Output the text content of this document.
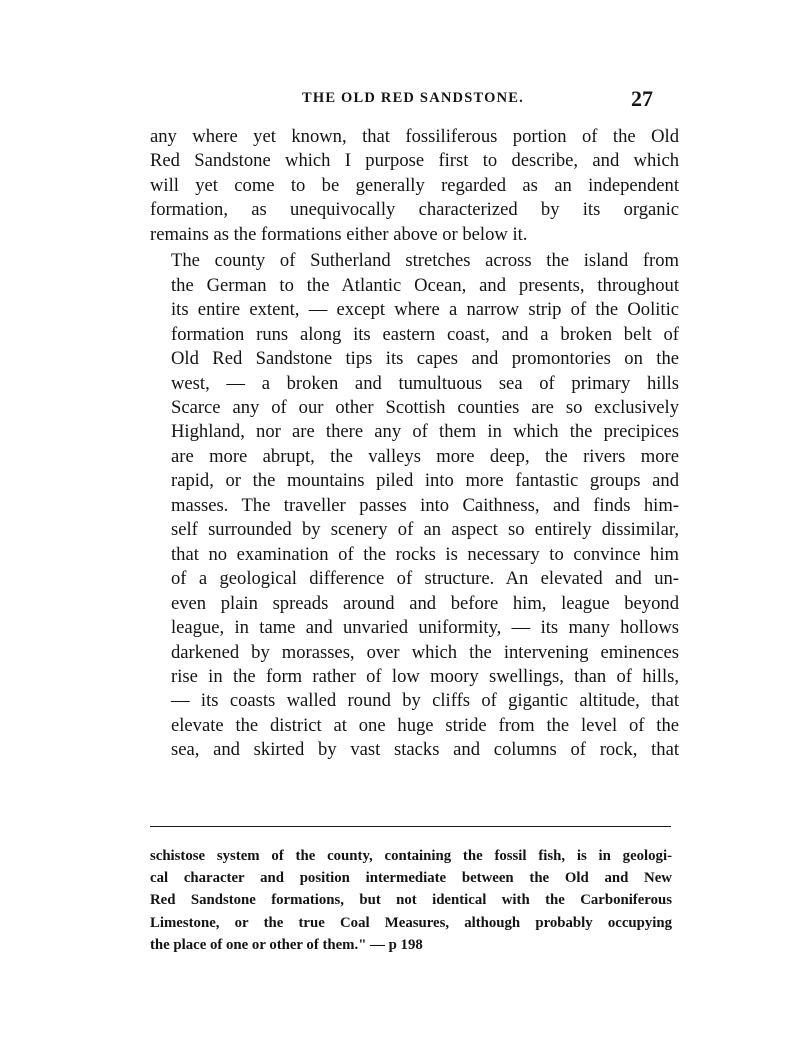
THE OLD RED SANDSTONE.	27

any where yet known, that fossiliferous portion of the Old
Red Sandstone which I purpose first to describe, and which
will yet come to be generally regarded as an independent
formation, as unequivocally characterized by its organic
remains as the formations either above or below it.

The county of Sutherland stretches across the island from
the German to the Atlantic Ocean, and presents, throughout
its entire extent, — except where a narrow strip of the Oolitic
formation runs along its eastern coast, and a broken belt of
Old Red Sandstone tips its capes and promontories on the
west, — a broken and tumultuous sea of primary hills
Scarce any of our other Scottish counties are so exclusively
Highland, nor are there any of them in which the precipices
are more abrupt, the valleys more deep, the rivers more
rapid, or the mountains piled into more fantastic groups and
masses. The traveller passes into Caithness, and finds him-
self surrounded by scenery of an aspect so entirely dissimilar,
that no examination of the rocks is necessary to convince him
of a geological difference of structure. An elevated and un-
even plain spreads around and before him, league beyond
league, in tame and unvaried uniformity, — its many hollows
darkened by morasses, over which the intervening eminences
rise in the form rather of low moory swellings, than of hills,
— its coasts walled round by cliffs of gigantic altitude, that
elevate the district at one huge stride from the level of the
sea, and skirted by vast stacks and columns of rock, that

schistose system of the county, containing the fossil fish, is in geologi-
cal character and position intermediate between the Old and New
Red Sandstone formations, but not identical with the Carboniferous
Limestone, or the true Coal Measures, although probably occupying
the place of one or other of them." — p 198
